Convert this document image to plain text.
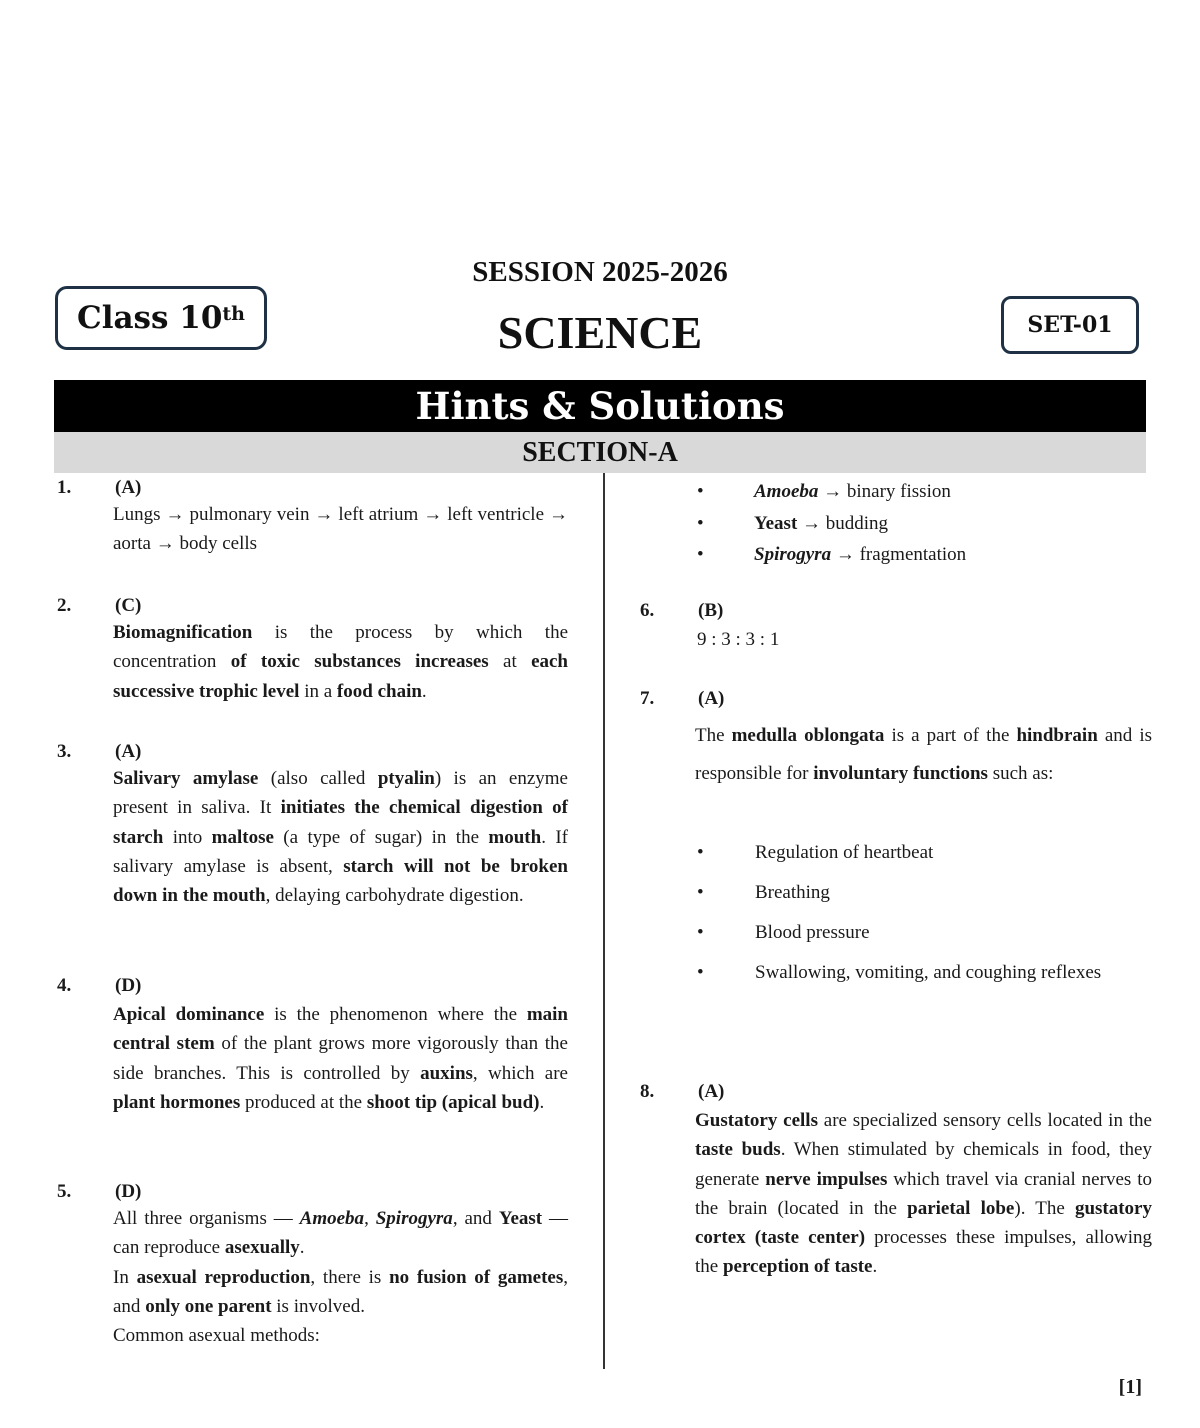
SESSION 2025-2026
SCIENCE
Class 10th	SET-01
Hints & Solutions
SECTION-A
1. (A)

Lungs → pulmonary vein → left atrium → left ventricle → aorta → body cells

2. (C)

Biomagnification is the process by which the concentration of toxic substances increases at each successive trophic level in a food chain.

3. (A)

Salivary amylase (also called ptyalin) is an enzyme present in saliva. It initiates the chemical digestion of starch into maltose (a type of sugar) in the mouth. If salivary amylase is absent, starch will not be broken down in the mouth, delaying carbohydrate digestion.

4. (D)

Apical dominance is the phenomenon where the main central stem of the plant grows more vigorously than the side branches. This is controlled by auxins, which are plant hormones produced at the shoot tip (apical bud).

5. (D)

All three organisms — Amoeba, Spirogyra, and Yeast — can reproduce asexually.

In asexual reproduction, there is no fusion of gametes, and only one parent is involved.

Common asexual methods:

•	Amoeba → binary fission
•	Yeast → budding
•	Spirogyra → fragmentation
6. (B)

9 : 3 : 3 : 1

7. (A)

The medulla oblongata is a part of the hindbrain and is responsible for involuntary functions such as:

•	Regulation of heartbeat
•	Breathing
•	Blood pressure
•	Swallowing, vomiting, and coughing reflexes
8. (A)

Gustatory cells are specialized sensory cells located in the taste buds. When stimulated by chemicals in food, they generate nerve impulses which travel via cranial nerves to the brain (located in the parietal lobe). The gustatory cortex (taste center) processes these impulses, allowing the perception of taste.

[1]
